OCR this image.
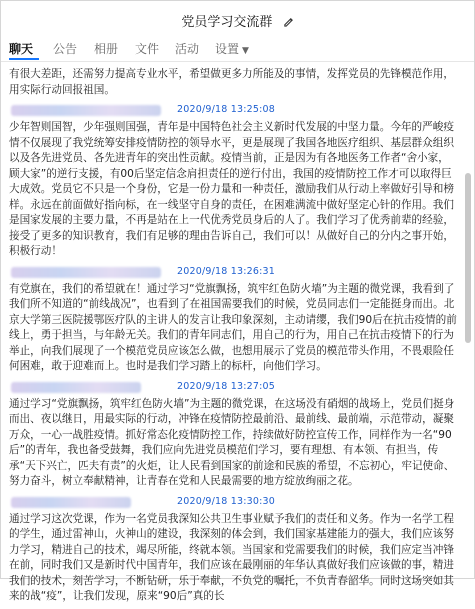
党员学习交流群
聊天 公告 相册 文件 活动 设置 ▼

有很大差距，还需努力提高专业水平，希望做更多力所能及的事情，发挥党员的先锋模范作用，用实际行动回报祖国。

2020/9/18 13:25:08

少年智则国智，少年强则国强，青年是中国特色社会主义新时代发展的中坚力量。今年的严峻疫情不仅展现了我党统筹安排疫情防控的领导水平，更是展现了我国各地医疗组织、基层群众组织以及各先进党员、各先进青年的突出性贡献。疫情当前，正是因为有各地医务工作者“舍小家，顾大家”的逆行支援，有00后坚定信念肩担责任的逆行付出，我国的疫情防控工作才可以取得巨大成效。党员它不只是一个身份，它是一份力量和一种责任，激励我们从行动上率做好引导和榜样。永远在前面做好指向标，在一线坚守自身的责任，在困难满流中做好坚定心针的作用。我们是国家发展的主要力量，不再是站在上一代优秀党员身后的人了。我们学习了优秀前辈的经验，接受了更多的知识教育，我们有足够的理由告诉自己，我们可以！从做好自己的分内之事开始，积极行动！

2020/9/18 13:26:31

有党旗在，我们的希望就在！通过学习“党旗飘扬，筑牢红色防火墙”为主题的微党课，我看到了我们所不知道的“前线战况”，也看到了在祖国需要我们的时候，党员同志们一定能挺身而出。北京大学第三医院援鄂医疗队的主讲人的发言让我印象深刻，主动请缨，我们90后在抗击疫情的前线上，勇于担当，与年龄无关。我们的青年同志们，用自己的行为，用自己在抗击疫情下的行为举止，向我们展现了一个模范党员应该怎么做，也想用展示了党员的模范带头作用，不畏艰险任何困难，敢于迎难而上。也时是我们学习踏上的标杆，向他们学习。

2020/9/18 13:27:05

通过学习“党旗飘扬，筑牢红色防火墙”为主题的微党课，在这场没有硝烟的战场上，党员们挺身而出、夜以继日，用最实际的行动，冲锋在疫情防控最前沿、最前线、最前端，示范带动，凝聚万众，一心一战胜疫情。抓好常态化疫情防控工作，持续做好防控宣传工作，同样作为一名“90后”的青年，我也备受鼓舞，我们应向先进党员模范们学习，要有理想、有本领、有担当，传承“天下兴亡，匹夫有责”的火炬，让人民看到国家的前途和民族的希望，不忘初心，牢记使命、努力奋斗，树立奉献精神，让青春在党和人民最需要的地方绽放绚丽之花。

2020/9/18 13:30:30

通过学习这次党课，作为一名党员我深知公共卫生事业赋予我们的责任和义务。作为一名学工程的学生，通过雷神山，火神山的建设，我深刻的体会到，我们国家基建能力的强大，我们应该努力学习，精进自己的技术，竭尽所能，终就本领。当国家和党需要我们的时候，我们应定当冲锋在前，同时我们又是新时代中国青年，我们应该在最刚丽的年华认真做好我们应该做的事，精进我们的技术，刻苦学习，不断钻研，乐于奉献，不负党的嘱托，不负青春韶华。同时这场突如其来的战“疫”，让我们发现，原来“90后”真的长
